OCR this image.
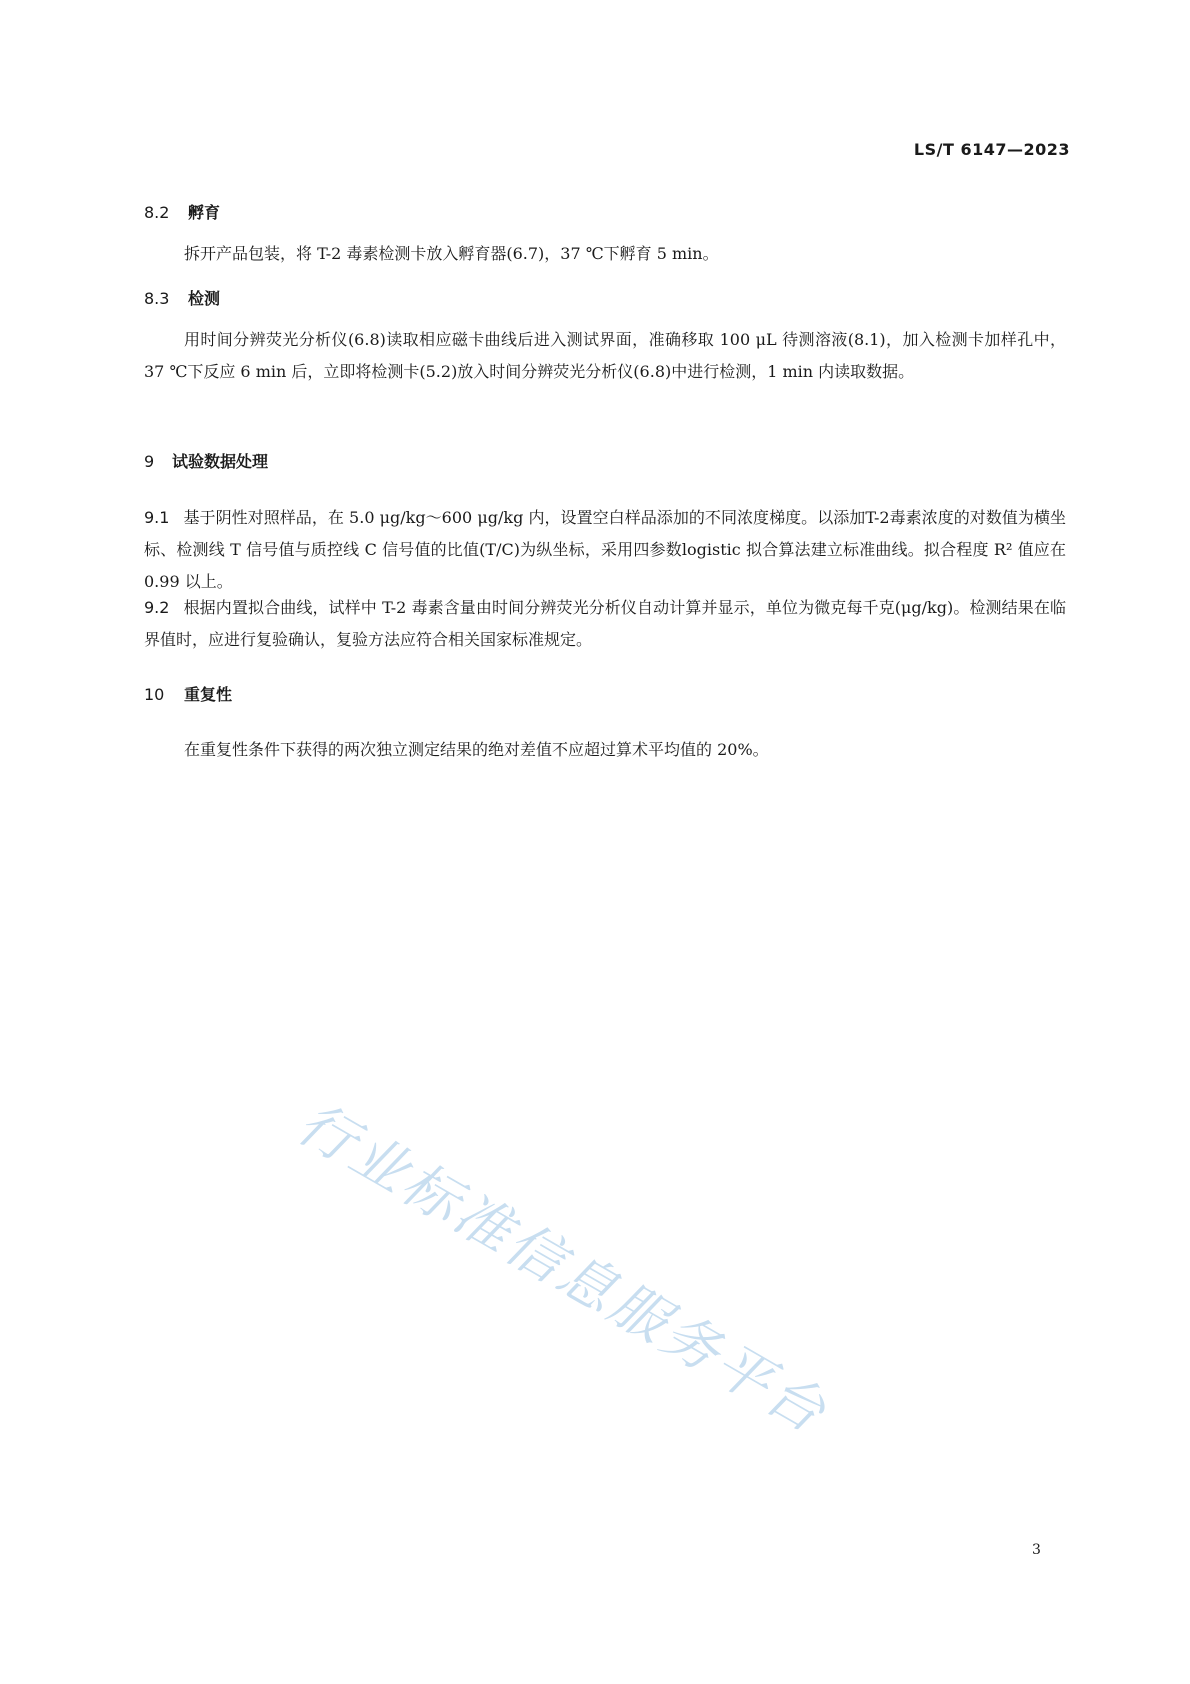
LS/T 6147—2023
8.2 孵育
拆开产品包装，将 T-2 毒素检测卡放入孵育器(6.7)，37 ℃下孵育 5 min。
8.3 检测
用时间分辨荧光分析仪(6.8)读取相应磁卡曲线后进入测试界面，准确移取 100 μL 待测溶液(8.1)，加入检测卡加样孔中，37 ℃下反应 6 min 后，立即将检测卡(5.2)放入时间分辨荧光分析仪(6.8)中进行检测，1 min 内读取数据。
9 试验数据处理
9.1 基于阴性对照样品，在 5.0 μg/kg～600 μg/kg 内，设置空白样品添加的不同浓度梯度。以添加T-2毒素浓度的对数值为横坐标、检测线 T 信号值与质控线 C 信号值的比值(T/C)为纵坐标，采用四参数logistic 拟合算法建立标准曲线。拟合程度 R² 值应在 0.99 以上。
9.2 根据内置拟合曲线，试样中 T-2 毒素含量由时间分辨荧光分析仪自动计算并显示，单位为微克每千克(μg/kg)。检测结果在临界值时，应进行复验确认，复验方法应符合相关国家标准规定。
10 重复性
在重复性条件下获得的两次独立测定结果的绝对差值不应超过算术平均值的 20%。
行业标准信息服务平台
3
